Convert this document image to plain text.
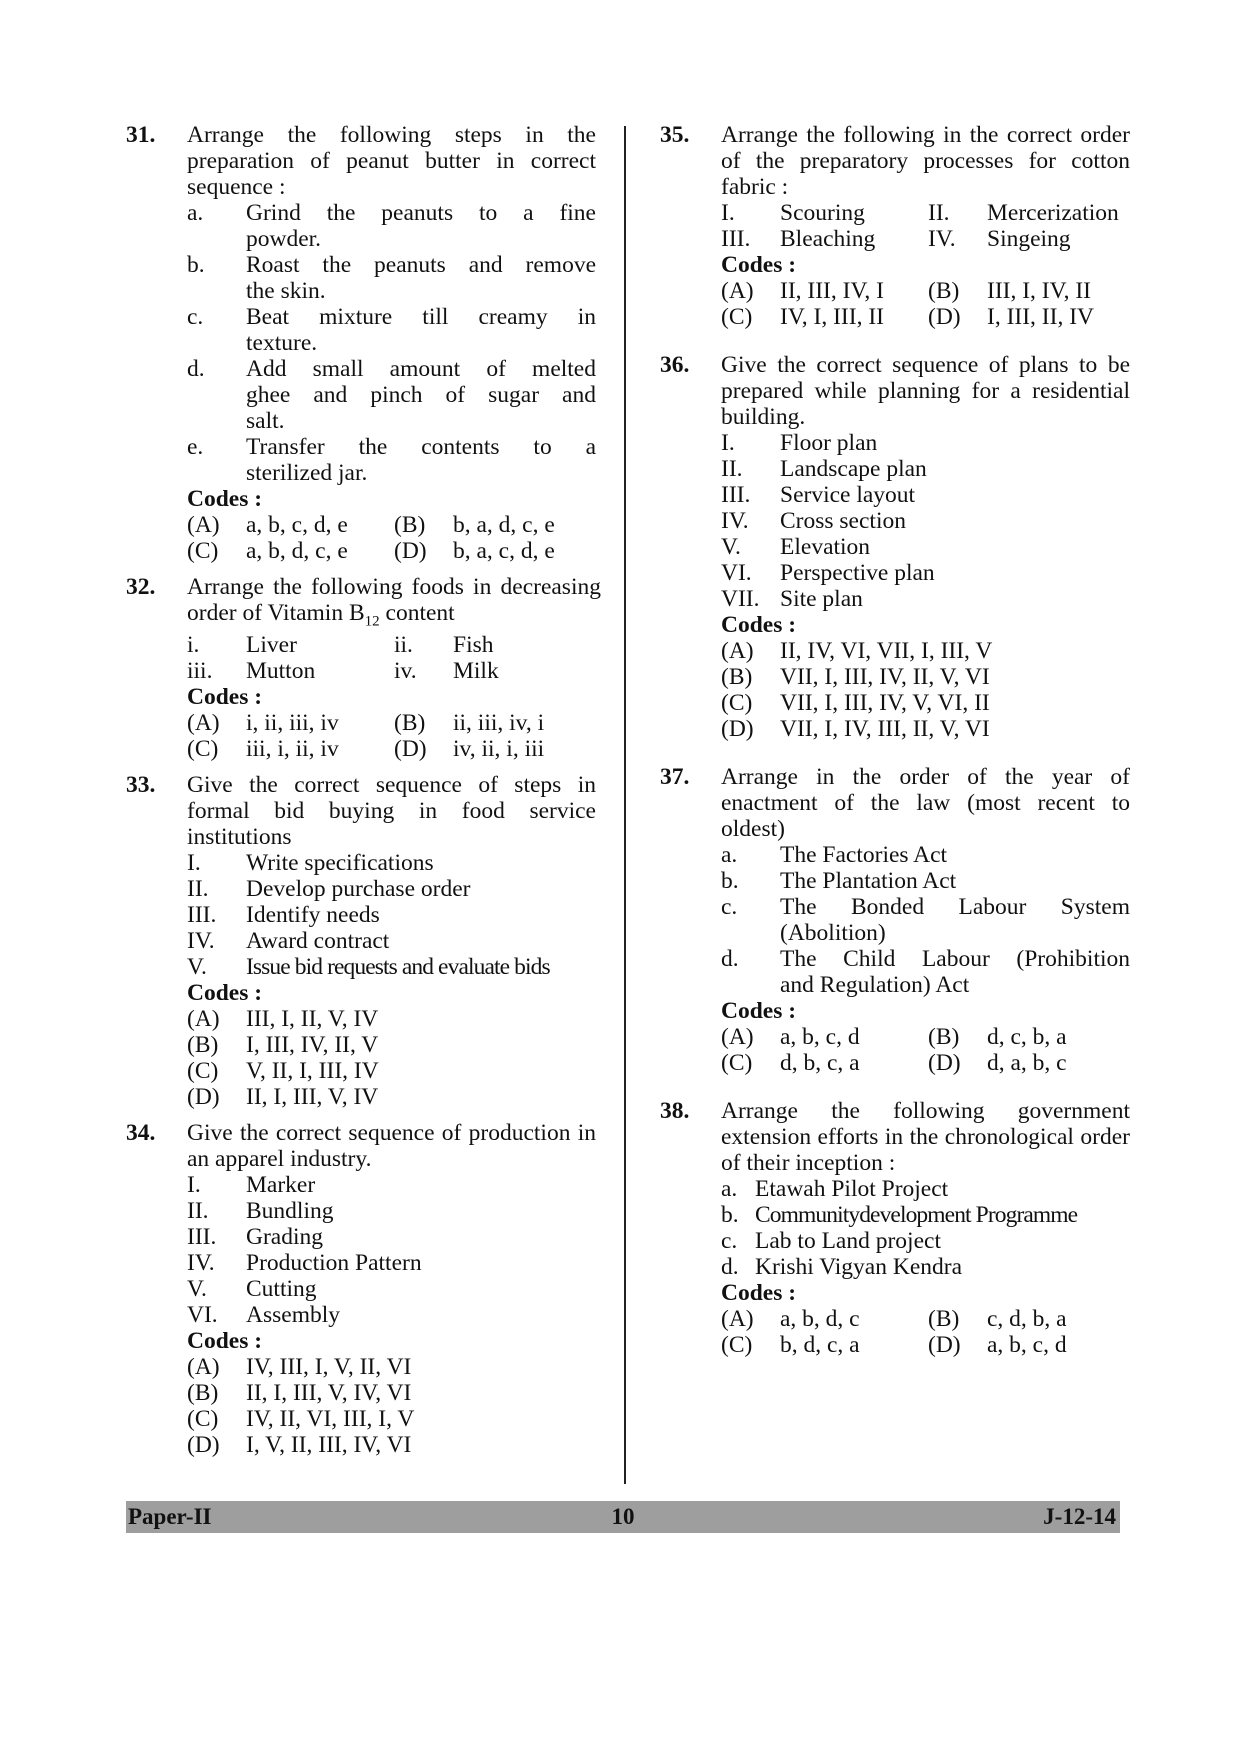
31. Arrange the following steps in the preparation of peanut butter in correct sequence :
a. Grind the peanuts to a fine
powder.
b. Roast the peanuts and remove
the skin.
c. Beat mixture till creamy in
texture.
d. Add small amount of melted
ghee and pinch of sugar and
salt.
e. Transfer the contents to a
sterilized jar.
Codes :
(A)	a, b, c, d, e (B)	b, a, d, c, e
(C)	a, b, d, c, e (D)	b, a, c, d, e
32. Arrange the following foods in decreasing order of Vitamin $B_{12}$ content
i.	Liver	ii.	Fish
iii.	Mutton	iv.	Milk
Codes :
(A)	i, ii, iii, iv (B)	ii, iii, iv, i
(C)	iii, i, ii, iv (D)	iv, ii, i, iii
33. Give the correct sequence of steps in formal bid buying in food service institutions
I.	Write specifications
II.	Develop purchase order
III.	Identify needs
IV.	Award contract
V.	Issue bid requests and evaluate bids
Codes :
(A)	III, I, II, V, IV
(B)	I, III, IV, II, V
(C)	V, II, I, III, IV
(D)	II, I, III, V, IV
34. Give the correct sequence of production in an apparel industry.
I.	Marker
II.	Bundling
III.	Grading
IV.	Production Pattern
V.	Cutting
VI.	Assembly
Codes :
(A)	IV, III, I, V, II, VI
(B)	II, I, III, V, IV, VI
(C)	IV, II, VI, III, I, V
(D)	I, V, II, III, IV, VI
35. Arrange the following in the correct order of the preparatory processes for cotton fabric :
I.	Scouring	II.	Mercerization
III.	Bleaching IV.	Singeing
Codes :
(A)	II, III, IV, I (B)	III, I, IV, II
(C)	IV, I, III, II (D)	I, III, II, IV
36. Give the correct sequence of plans to be prepared while planning for a residential building.
I.	Floor plan
II.	Landscape plan
III.	Service layout
IV.	Cross section
V.	Elevation
VI.	Perspective plan
VII. Site plan
Codes :
(A)	II, IV, VI, VII, I, III, V
(B)	VII, I, III, IV, II, V, VI
(C)	VII, I, III, IV, V, VI, II
(D)	VII, I, IV, III, II, V, VI
37. Arrange in the order of the year of enactment of the law (most recent to oldest)
a. The Factories Act
b. The Plantation Act
c. The Bonded Labour System
(Abolition)
d. The Child Labour (Prohibition
and Regulation) Act
Codes :
(A)	a, b, c, d	(B)	d, c, b, a
(C)	d, b, c, a	(D)	d, a, b, c
38. Arrange the following government extension efforts in the chronological order of their inception :
a. Etawah Pilot Project
b. Communitydevelopment Programme
c. Lab to Land project
d. Krishi Vigyan Kendra
Codes :
(A)	a, b, d, c	(B)	c, d, b, a
(C)	b, d, c, a	(D)	a, b, c, d
Paper-II	10	J-12-14
